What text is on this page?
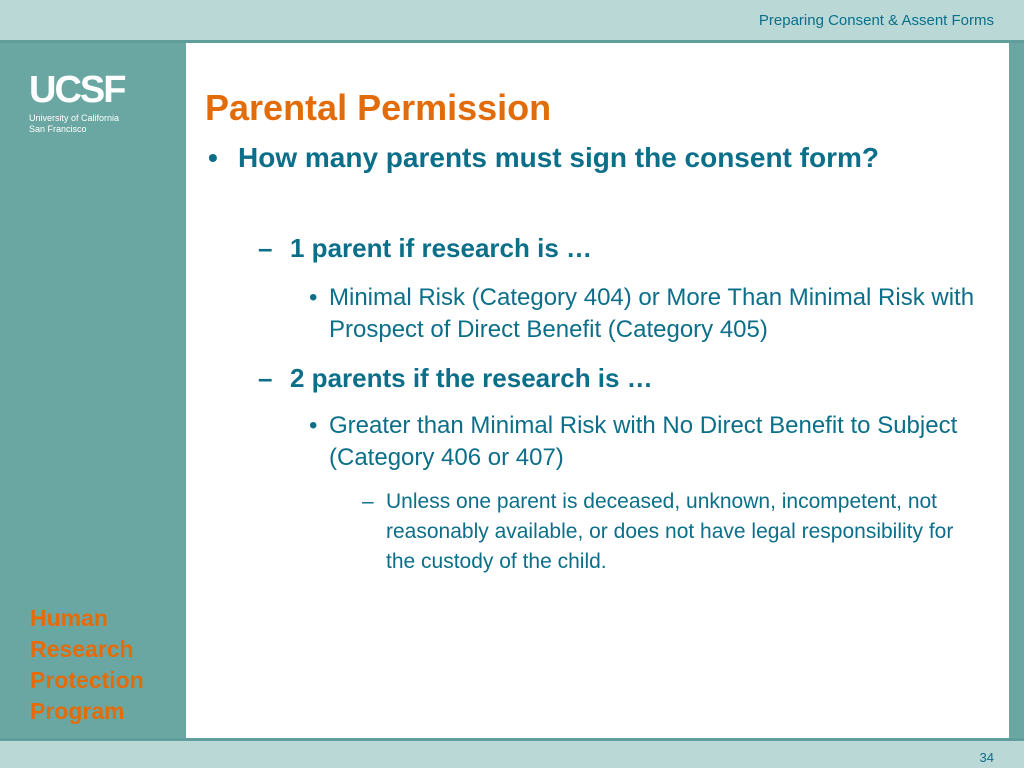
Preparing Consent & Assent Forms
UCSF
University of California
San Francisco
Human
Research
Protection
Program
Parental Permission
• How many parents must sign the consent form?
– 1 parent if research is …
• Minimal Risk (Category 404) or More Than Minimal Risk with Prospect of Direct Benefit (Category 405)
– 2 parents if the research is …
• Greater than Minimal Risk with No Direct Benefit to Subject (Category 406 or 407)
– Unless one parent is deceased, unknown, incompetent, not reasonably available, or does not have legal responsibility for the custody of the child.
34
